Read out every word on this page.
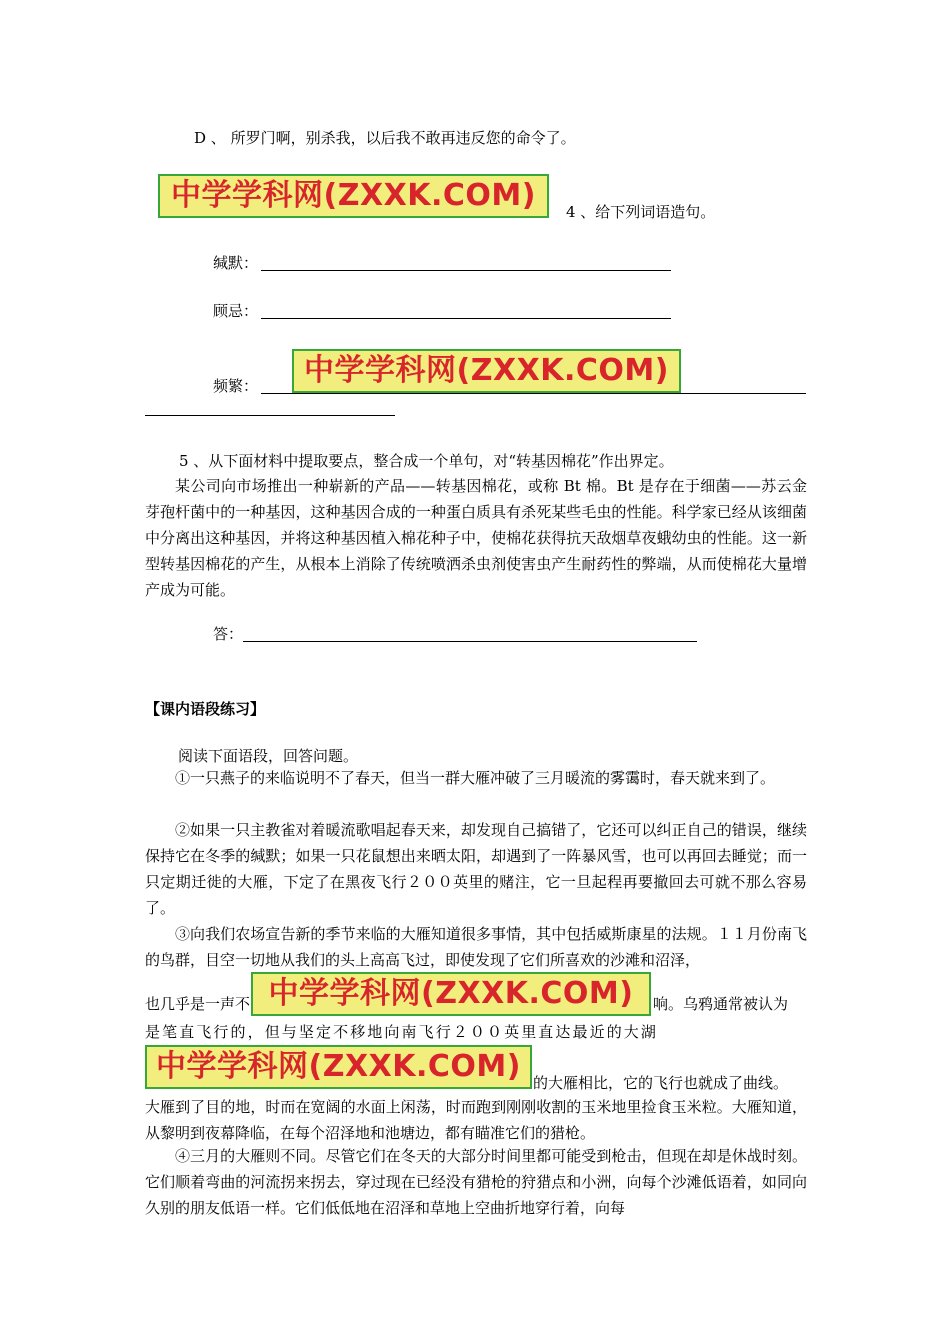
D 、 所罗门啊，别杀我，以后我不敢再违反您的命令了。
中学学科网(ZXXK.COM)	4 、给下列词语造句。
缄默：
顾忌：
频繁：	中学学科网(ZXXK.COM)
5 、从下面材料中提取要点，整合成一个单句，对“转基因棉花”作出界定。
某公司向市场推出一种崭新的产品——转基因棉花，或称 Bt 棉。Bt 是存在于细菌——苏云金芽孢杆菌中的一种基因，这种基因合成的一种蛋白质具有杀死某些毛虫的性能。科学家已经从该细菌中分离出这种基因，并将这种基因植入棉花种子中，使棉花获得抗天敌烟草夜蛾幼虫的性能。这一新型转基因棉花的产生，从根本上消除了传统喷洒杀虫剂使害虫产生耐药性的弊端，从而使棉花大量增产成为可能。
答：
【课内语段练习】
阅读下面语段，回答问题。
①一只燕子的来临说明不了春天，但当一群大雁冲破了三月暖流的雾霭时，春天就来到了。
②如果一只主教雀对着暖流歌唱起春天来，却发现自己搞错了，它还可以纠正自己的错误，继续保持它在冬季的缄默；如果一只花鼠想出来晒太阳，却遇到了一阵暴风雪，也可以再回去睡觉；而一只定期迁徙的大雁，下定了在黑夜飞行２００英里的赌注，它一旦起程再要撤回去可就不那么容易了。
③向我们农场宣告新的季节来临的大雁知道很多事情，其中包括威斯康星的法规。１１月份南飞的鸟群，目空一切地从我们的头上高高飞过，即使发现了它们所喜欢的沙滩和沼泽，
也几乎是一声不 中学学科网(ZXXK.COM)	响。乌鸦通常被认为
是笔直飞行的，但与坚定不移地向南飞行２００英里直达最近的大湖
中学学科网(ZXXK.COM) 的大雁相比，它的飞行也就成了曲线。
大雁到了目的地，时而在宽阔的水面上闲荡，时而跑到刚刚收割的玉米地里捡食玉米粒。大雁知道，从黎明到夜幕降临，在每个沼泽地和池塘边，都有瞄准它们的猎枪。
④三月的大雁则不同。尽管它们在冬天的大部分时间里都可能受到枪击，但现在却是休战时刻。它们顺着弯曲的河流拐来拐去，穿过现在已经没有猎枪的狩猎点和小洲，向每个沙滩低语着，如同向久别的朋友低语一样。它们低低地在沼泽和草地上空曲折地穿行着，向每
